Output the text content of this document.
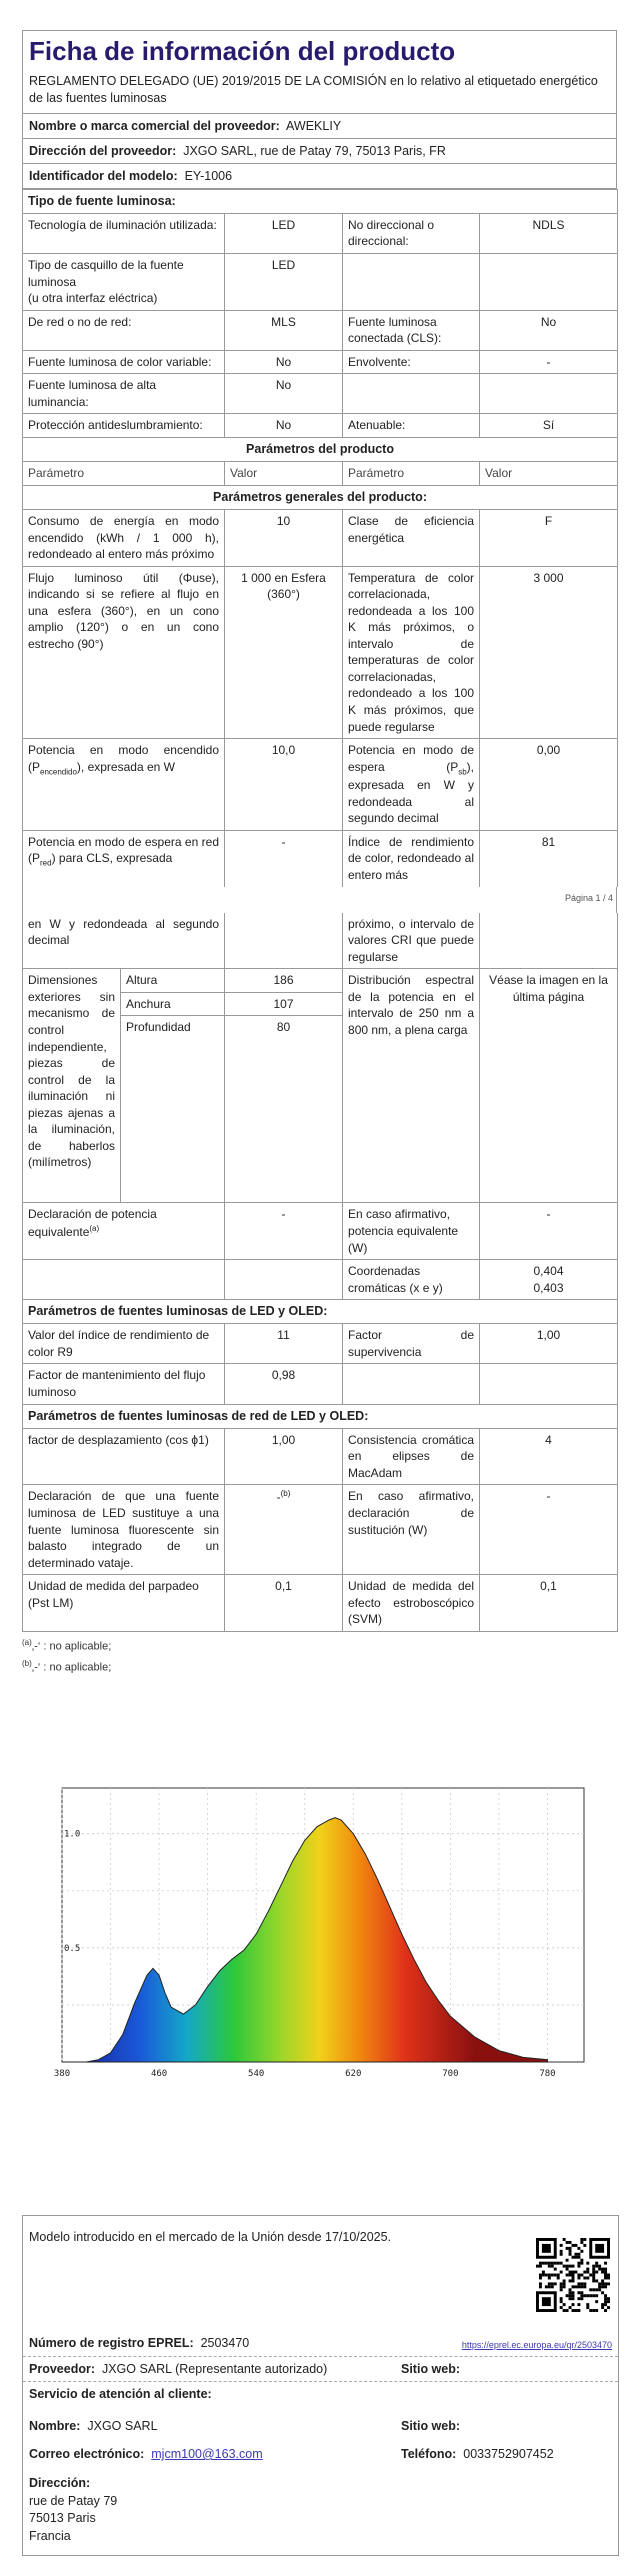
Ficha de información del producto
REGLAMENTO DELEGADO (UE) 2019/2015 DE LA COMISIÓN en lo relativo al etiquetado energético de las fuentes luminosas
Nombre o marca comercial del proveedor: AWEKLIY
Dirección del proveedor: JXGO SARL, rue de Patay 79, 75013 Paris, FR
Identificador del modelo: EY-1006
Tipo de fuente luminosa:			
Tecnología de iluminación utilizada:	LED	No direccional o direccional:	NDLS
Tipo de casquillo de la fuente luminosa
(u otra interfaz eléctrica)	LED		
De red o no de red:	MLS	Fuente luminosa conectada (CLS):	No
Fuente luminosa de color variable:	No	Envolvente:	-
Fuente luminosa de alta luminancia:	No		
Protección antideslumbramiento:	No	Atenuable:	Sí
Parámetros del producto			
Parámetro	Valor	Parámetro	Valor
Parámetros generales del producto:			
Consumo de energía en modo encendido (kWh / 1 000 h), redondeado al entero más próximo	10	Clase de eficiencia energética	F
Flujo luminoso útil (Φuse), indicando si se refiere al flujo en una esfera (360°), en un cono amplio (120°) o en un cono estrecho (90°)	1 000 en Esfera (360°)	Temperatura de color correlacionada, redondeada a los 100 K más próximos, o intervalo de temperaturas de color correlacionadas, redondeado a los 100 K más próximos, que puede regularse	3 000
Potencia en modo encendido $(P_{encendido})$, expresada en W	10,0	Potencia en modo de espera $(P_{sb})$, expresada en W y redondeada al segundo decimal	0,00
Potencia en modo de espera en red $(P_{red})$ para CLS, expresada	-	Índice de rendimiento de color, redondeado al entero más	81
Página 1 / 4
en W y redondeada al segundo decimal			próximo, o intervalo de valores CRI que puede regularse	
Dimensiones exteriores sin mecanismo de control independiente, piezas de control de la iluminación ni piezas ajenas a la iluminación, de haberlos (milímetros)	Altura	186	Distribución espectral de la potencia en el intervalo de 250 nm a 800 nm, a plena carga	Véase la imagen en la última página
	Anchura	107		
	Profundidad	80		
Declaración de potencia equivalente$^{(a)}$		-	En caso afirmativo, potencia equivalente (W)	-
			Coordenadas cromáticas (x e y)	0,404
0,403
Parámetros de fuentes luminosas de LED y OLED:				
Valor del índice de rendimiento de color R9		11	Factor de supervivencia	1,00
Factor de mantenimiento del flujo luminoso		0,98		
Parámetros de fuentes luminosas de red de LED y OLED:				
factor de desplazamiento (cos ϕ1)		1,00	Consistencia cromática en elipses de MacAdam	4
Declaración de que una fuente luminosa de LED sustituye a una fuente luminosa fluorescente sin balasto integrado de un determinado vataje.		-$^{(b)}$	En caso afirmativo, declaración de sustitución (W)	-
Unidad de medida del parpadeo (Pst LM)		0,1	Unidad de medida del efecto estroboscópico (SVM)	0,1
$^{(a)}$‚-‘ : no aplicable;
$^{(b)}$‚-‘ : no aplicable;
380	460	540	620	700	780
1.0
0.5
Modelo introducido en el mercado de la Unión desde 17/10/2025.
Número de registro EPREL: 2503470	https://eprel.ec.europa.eu/qr/2503470
Proveedor: JXGO SARL (Representante autorizado)	Sitio web:
Servicio de atención al cliente:
Nombre: JXGO SARL	Sitio web:
Correo electrónico: mjcm100@163.com	Teléfono: 0033752907452
Dirección:
rue de Patay 79
75013 Paris
Francia
